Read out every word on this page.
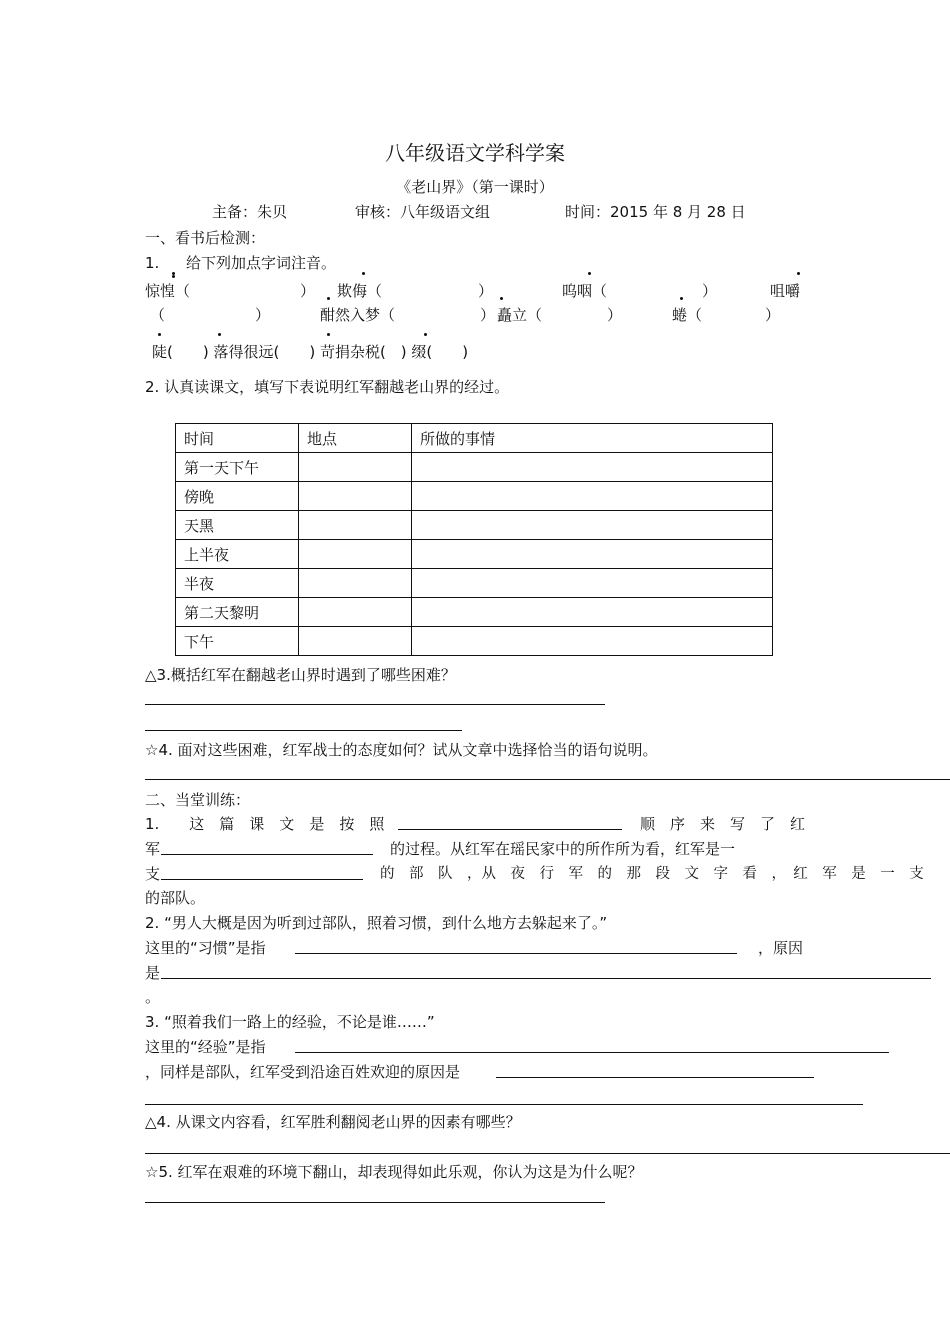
八年级语文学科学案
《老山界》（第一课时）
主备：朱贝	审核：八年级语文组	时间：2015 年 8 月 28 日
一、看书后检测：
1. 给下列加点字词注音。
惊惶（	） 欺侮（	）	呜咽（	）	咀嚼
（	）	酣然入梦（	） 矗立（	）	蜷（	）
陡(　　) 落得很远(　　) 苛捐杂税(　) 缀(　　)
2. 认真读课文，填写下表说明红军翻越老山界的经过。
时间	地点	所做的事情
第一天下午		
傍晚		
天黑		
上半夜		
半夜		
第二天黎明		
下午		
△3.概括红军在翻越老山界时遇到了哪些困难？
☆4. 面对这些困难，红军战士的态度如何？试从文章中选择恰当的语句说明。
二、当堂训练：
1.　　这　篇　课　文　是　按　照	顺　序　来　写　了　红
军	的过程。从红军在瑶民家中的所作所为看，红军是一
支	的　部　队　，从　夜　行　军　的　那　段　文　字　看　，　红　军　是　一　支
的部队。
2. “男人大概是因为听到过部队，照着习惯，到什么地方去躲起来了。”
这里的“习惯”是指	，原因
是
。
3. “照着我们一路上的经验，不论是谁……”
这里的“经验”是指
，同样是部队，红军受到沿途百姓欢迎的原因是
△4. 从课文内容看，红军胜利翻阅老山界的因素有哪些？
☆5. 红军在艰难的环境下翻山，却表现得如此乐观，你认为这是为什么呢？
